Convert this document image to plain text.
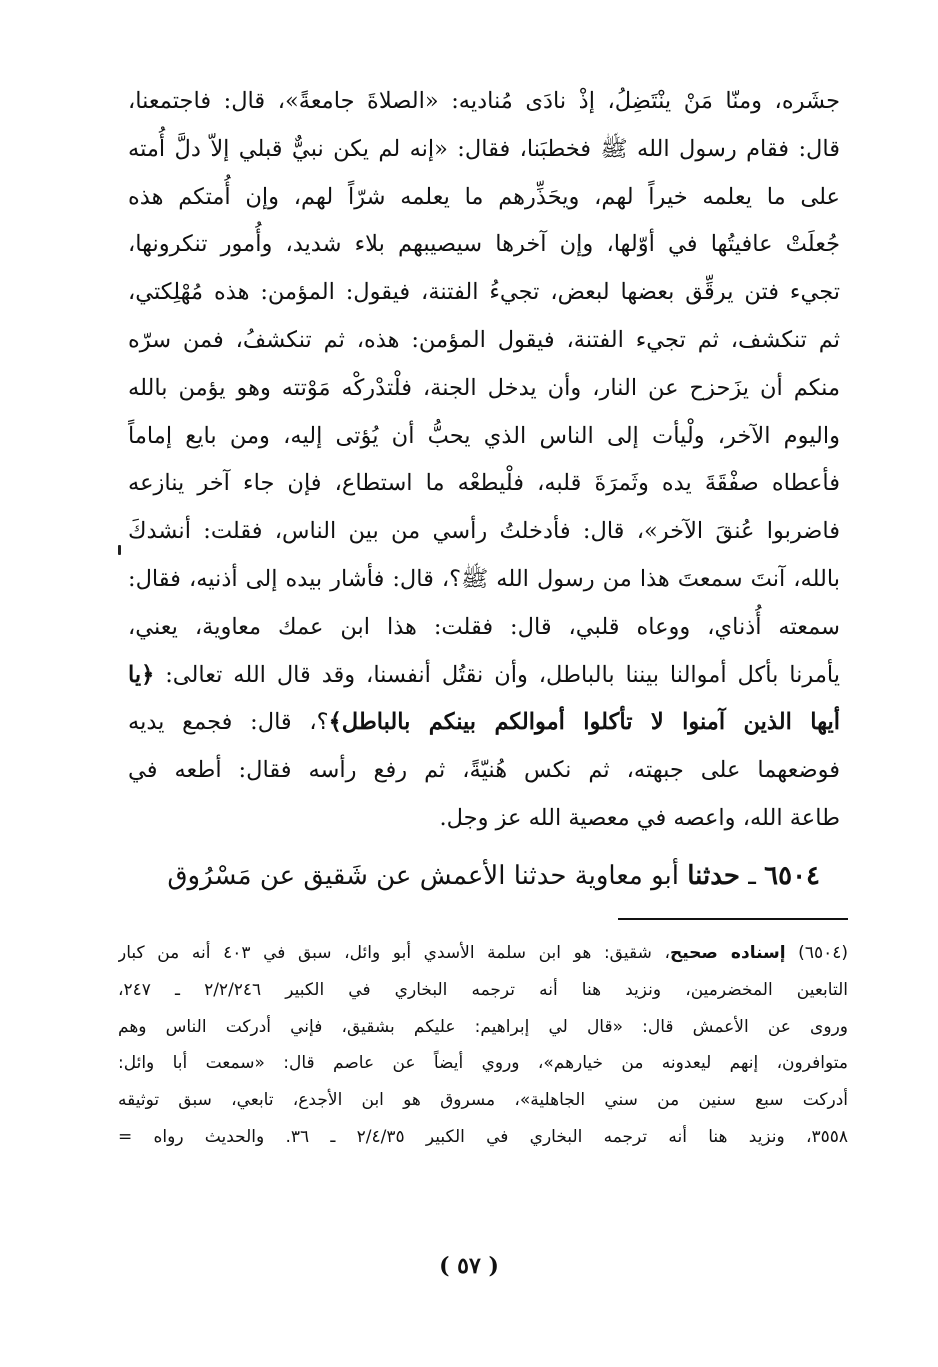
جشَره، ومنّا مَنْ ينْتَضِلُ، إذْ نادَى مُناديه: «الصلاةَ جامعةً»، قال: فاجتمعنا،
قال: فقام رسول الله ﷺ فخطبَنا، فقال: «إنه لم يكن نبيٌّ قبلي إلاّ دلَّ أُمته
على ما يعلمه خيراً لهم، ويحَذِّرهم ما يعلمه شرّاً لهم، وإن أُمتكم هذه
جُعلَتْ عافيتُها في أوّلها، وإن آخرها سيصيبهم بلاء شديد، وأُمور تنكرونها،
تجيء فتن يرقِّق بعضها لبعض، تجيءُ الفتنة، فيقول: المؤمن: هذه مُهْلِكتي،
ثم تنكشف، ثم تجيء الفتنة، فيقول المؤمن: هذه، ثم تنكشفُ، فمن سرّه
منكم أن يزَحزح عن النار، وأن يدخل الجنة، فلْتدْركْه مَوْتته وهو يؤمن بالله
واليوم الآخر، ولْيأت إلى الناس الذي يحبُّ أن يُؤتى إليه، ومن بايع إماماً
فأعطاه صفْقَةَ يده وثَمرَةَ قلبه، فلْيطعْه ما استطاع، فإن جاء آخر ينازعه
فاضربوا عُنقَ الآخر»، قال: فأدخلتُ رأسي من بين الناس، فقلت: أنشدكَ
بالله، آنتَ سمعتَ هذا من رسول الله ﷺ؟، قال: فأشار بيده إلى أذنيه، فقال:
سمعته أُذناي، ووعاه قلبي، قال: فقلت: هذا ابن عمك معاوية، يعني،
يأمرنا بأكل أموالنا بيننا بالباطل، وأن نقتُل أنفسنا، وقد قال الله تعالى: ﴿يا
أيها الذين آمنوا لا تأكلوا أموالكم بينكم بالباطل﴾؟، قال: فجمع يديه
فوضعهما على جبهته، ثم نكس هُنيّةً، ثم رفع رأسه فقال: أطعه في
طاعة الله، واعصه في معصية الله عز وجل.
٦٥٠٤ ـ حدثنا أبو معاوية حدثنا الأعمش عن شَقيق عن مَسْرُوق
(٦٥٠٤) إسناده صحيح، شقيق: هو ابن سلمة الأسدي أبو وائل، سبق في ٤٠٣ أنه من كبار
التابعين المخضرمين، ونزيد هنا أنه ترجمه البخاري في الكبير ٢/٢/٢٤٦ ـ ٢٤٧،
وروى عن الأعمش قال: «قال لي إبراهيم: عليكم بشقيق، فإني أدركت الناس وهم
متوافرون، إنهم ليعدونه من خيارهم»، وروي أيضاً عن عاصم قال: «سمعت أبا وائل:
أدركت سبع سنين من سني الجاهلية»، مسروق هو ابن الأجدع، تابعي، سبق توثيقه
٣٥٥٨، ونزيد هنا أنه ترجمه البخاري في الكبير ٢/٤/٣٥ ـ ٣٦. والحديث رواه =
( ٥٧ )
